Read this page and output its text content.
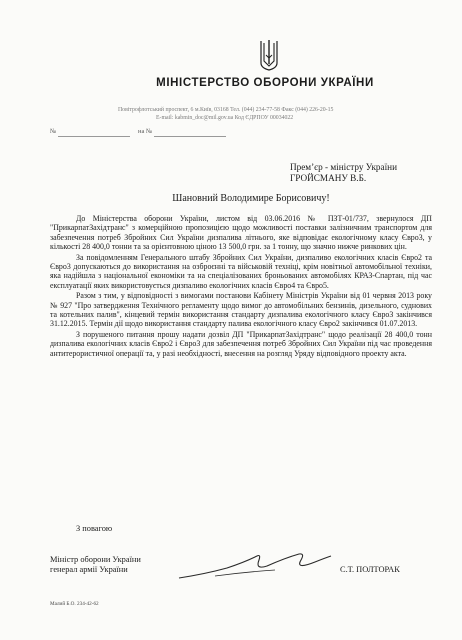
МІНІСТЕРСТВО ОБОРОНИ УКРАЇНИ
Повітрофлотський проспект, 6 м.Київ, 03168 Тел. (044) 234-77-58 Факс (044) 226-20-15
E-mail: kabmin_doc@mil.gov.ua Код ЄДРПОУ 00034022
№	на №
Прем’єр - міністру України
ГРОЙСМАНУ В.Б.
Шановний Володимире Борисовичу!

До Міністерства оборони України, листом від 03.06.2016 № ПЗТ-01/737, звернулося ДП "ПрикарпатЗахідтранс" з комерційною пропозицією щодо можливості поставки залізничним транспортом для забезпечення потреб Збройних Сил України дизпалива літнього, яке відповідає екологічному класу Євро3, у кількості 28 400,0 тонни та за орієнтовною ціною 13 500,0 грн. за 1 тонну, що значно нижче ринкових цін.

За повідомленням Генерального штабу Збройних Сил України, дизпаливо екологічних класів Євро2 та Євро3 допускаються до використання на озброєнні та військовій техніці, крім новітньої автомобільної техніки, яка надійшла з національної економіки та на спеціалізованих броньованих автомобілях КРАЗ-Спартан, під час експлуатації яких використовується дизпаливо екологічних класів Євро4 та Євро5.

Разом з тим, у відповідності з вимогами постанови Кабінету Міністрів України від 01 червня 2013 року № 927 "Про затвердження Технічного регламенту щодо вимог до автомобільних бензинів, дизельного, суднових та котельних палив", кінцевий термін використання стандарту дизпалива екологічного класу Євро3 закінчився 31.12.2015. Термін дії щодо використання стандарту палива екологічного класу Євро2 закінчився 01.07.2013.

З порушеного питання прошу надати дозвіл ДП "ПрикарпатЗахідтранс" щодо реалізації 28 400,0 тонн дизпалива екологічних класів Євро2 і Євро3 для забезпечення потреб Збройних Сил України під час проведення антитерористичної операції та, у разі необхідності, внесення на розгляд Уряду відповідного проекту акта.

З повагою
Міністр оборони України
генерал армії України	С.Т. ПОЛТОРАК
Малий Б.О. 234-42-62
